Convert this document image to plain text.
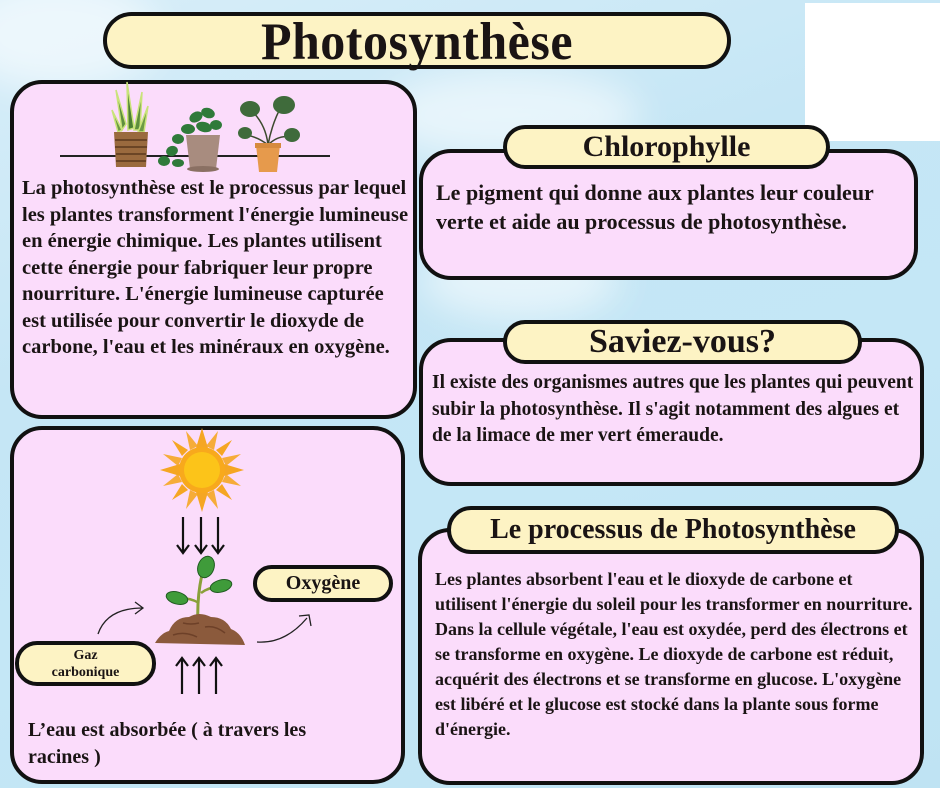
Photosynthèse
La photosynthèse est le processus par lequel les plantes transforment l'énergie lumineuse en énergie chimique. Les plantes utilisent cette énergie pour fabriquer leur propre nourriture. L'énergie lumineuse capturée est utilisée pour convertir le dioxyde de carbone, l'eau et les minéraux en oxygène.
Chlorophylle
Le pigment qui donne aux plantes leur couleur verte et aide au processus de photosynthèse.
Saviez-vous?
Il existe des organismes autres que les plantes qui peuvent subir la photosynthèse. Il s'agit notamment des algues et de la limace de mer vert émeraude.
Le processus de Photosynthèse
Les plantes absorbent l'eau et le dioxyde de carbone et utilisent l'énergie du soleil pour les transformer en nourriture. Dans la cellule végétale, l'eau est oxydée, perd des électrons et se transforme en oxygène. Le dioxyde de carbone est réduit, acquérit des électrons et se transforme en glucose. L'oxygène est libéré et le glucose est stocké dans la plante sous forme d'énergie.
Oxygène
Gaz
carbonique
L’eau est absorbée ( à travers les racines )
